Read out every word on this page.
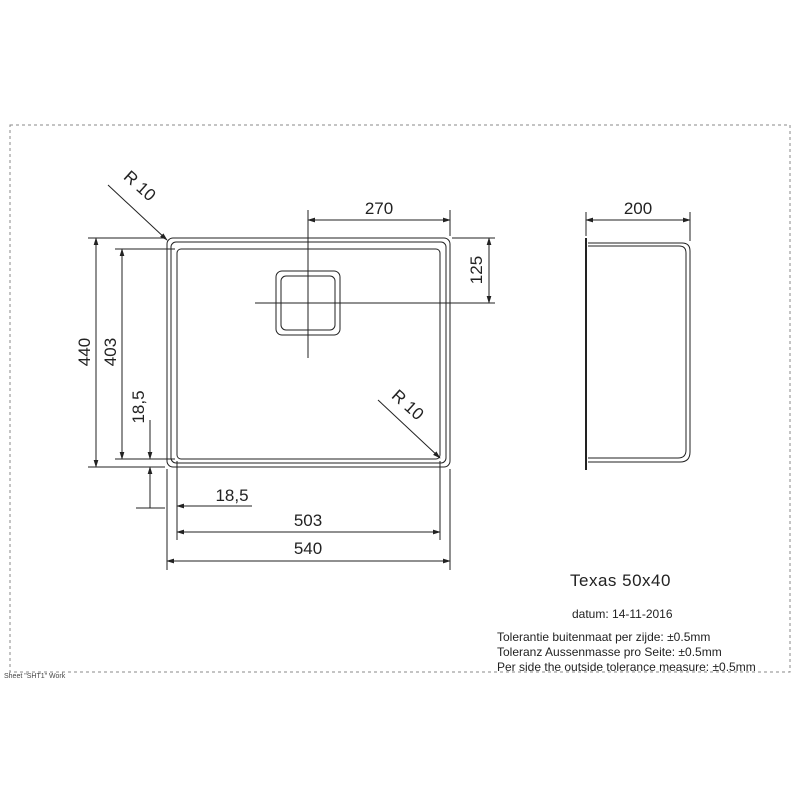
270
125
440 403
18,5
18,5
503
540
R 10
R 10
200
Texas 50x40
datum: 14-11-2016
Tolerantie buitenmaat per zijde: ±0.5mm
Toleranz Aussenmasse pro Seite: ±0.5mm
Per side the outside tolerance measure: ±0.5mm
Sheet "SHT1" Work
